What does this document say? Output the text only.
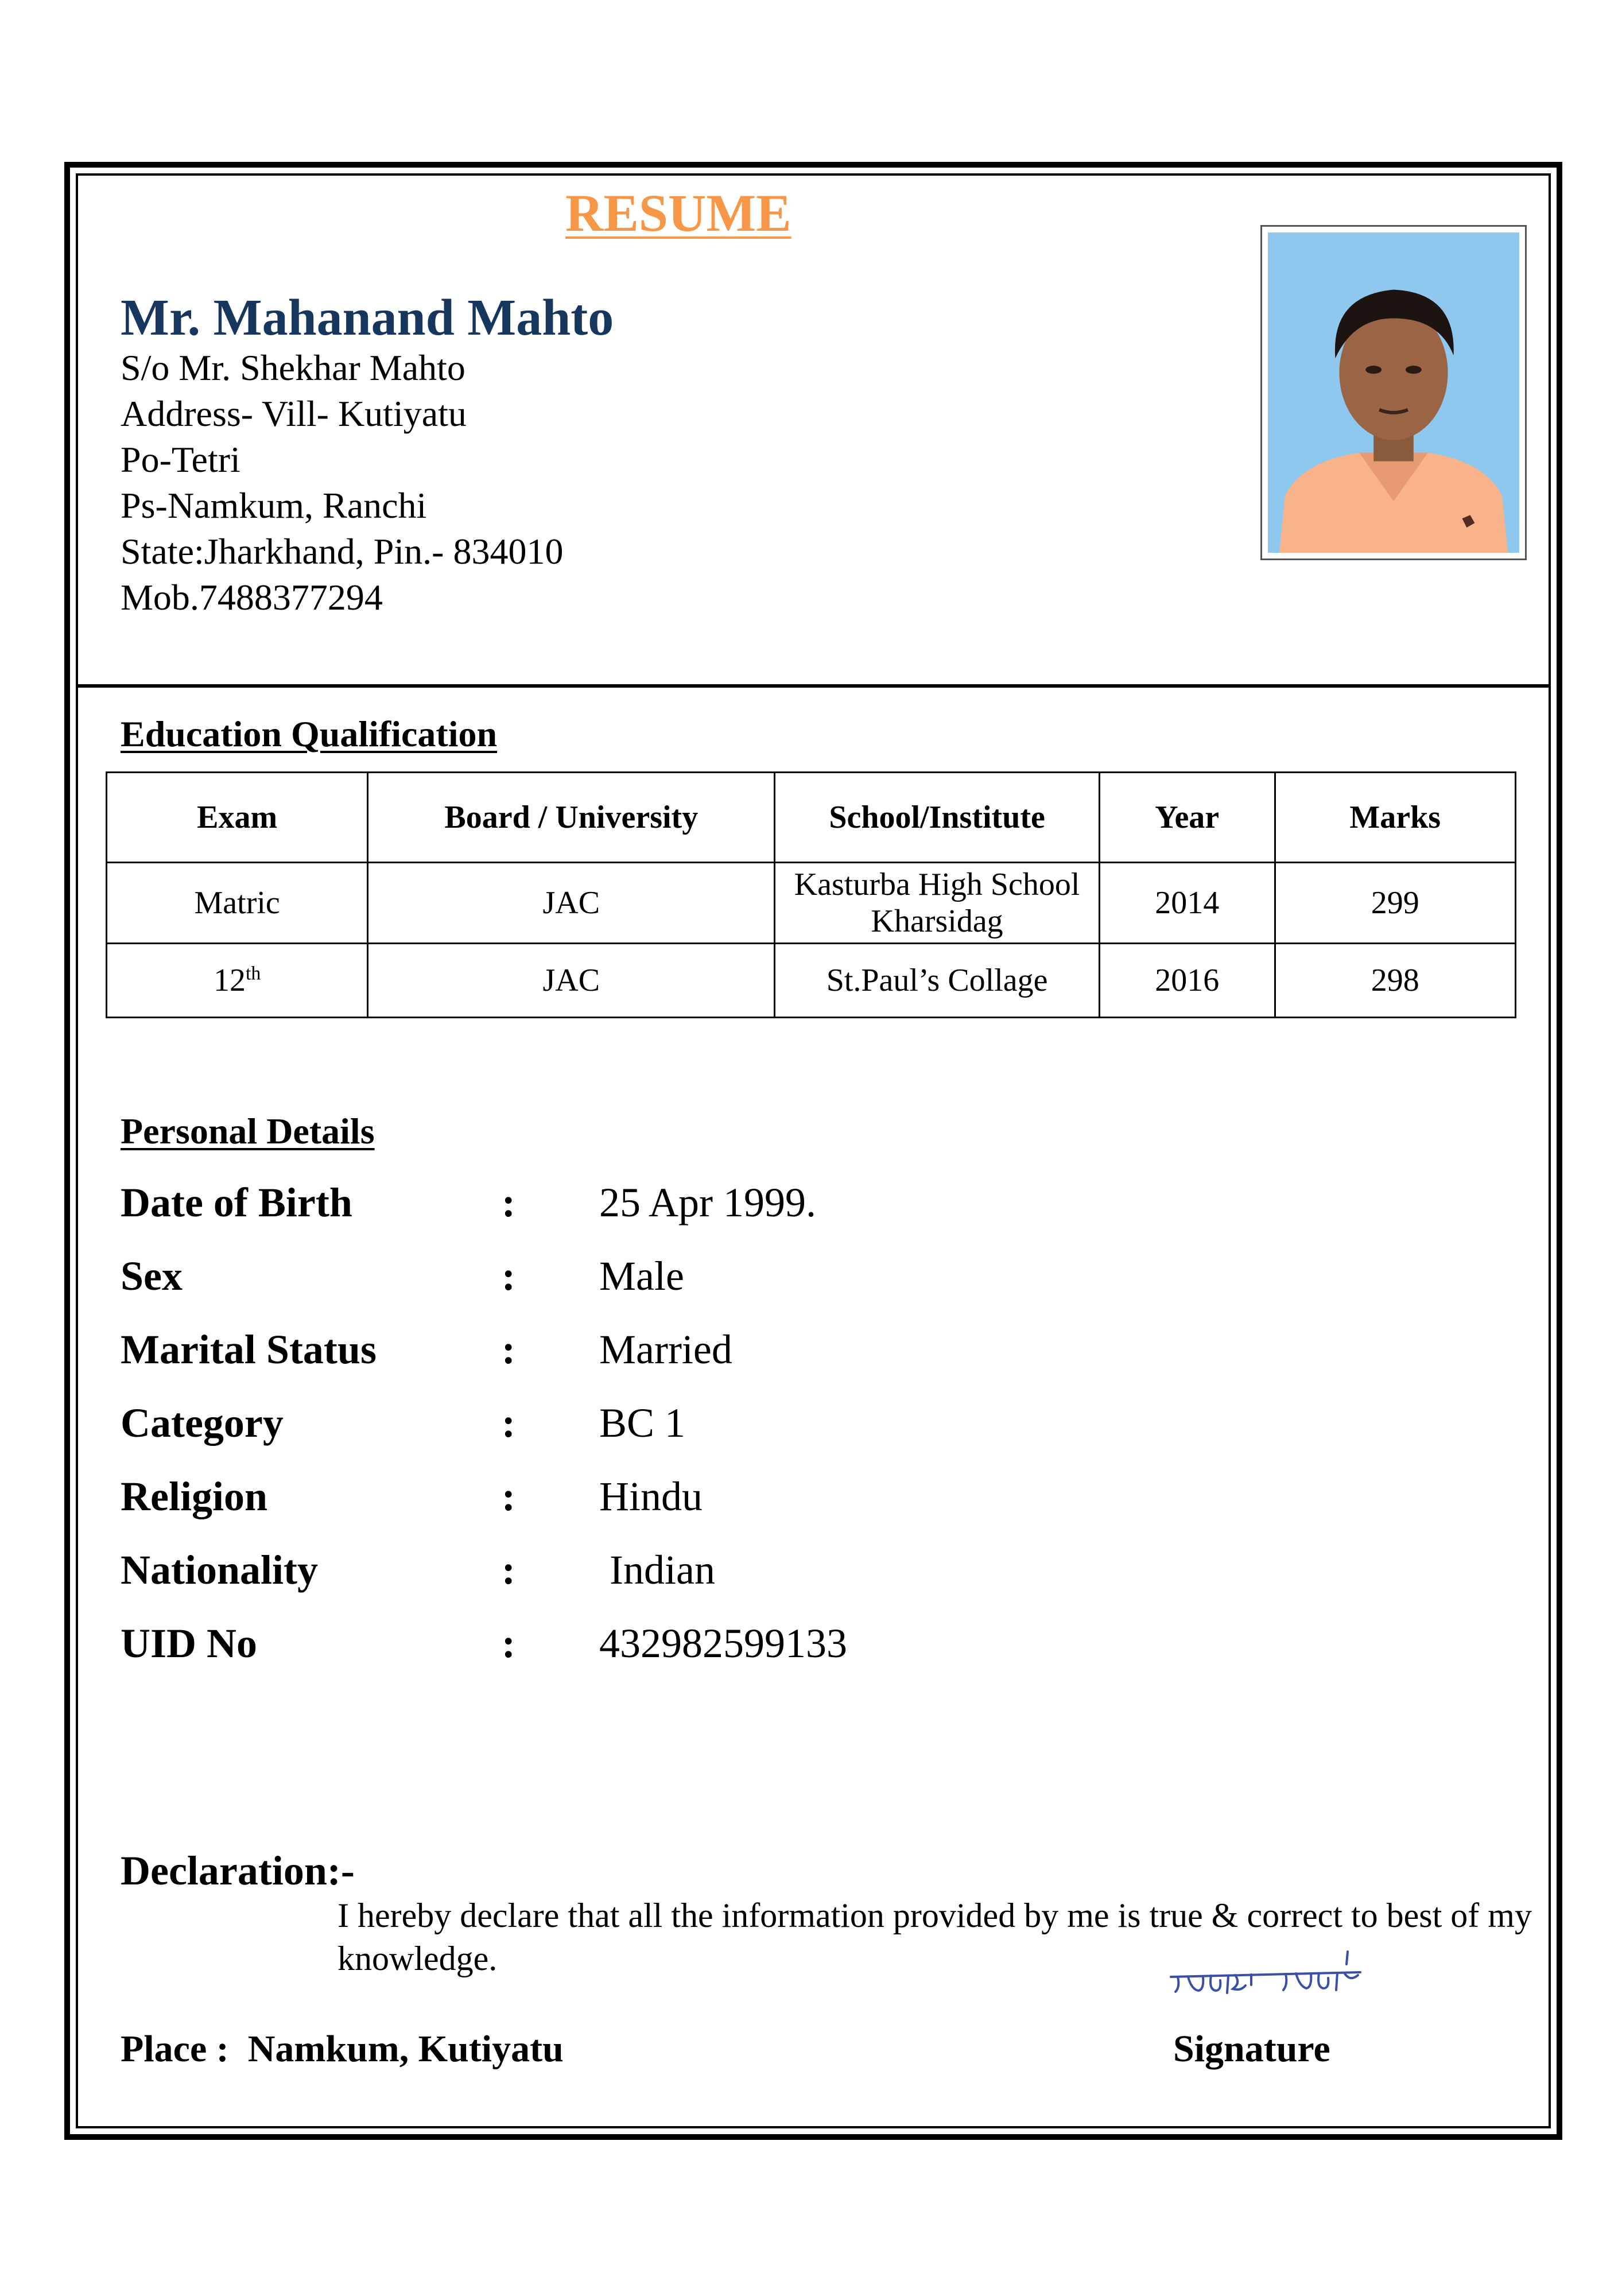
RESUME
Mr. Mahanand Mahto
S/o Mr. Shekhar Mahto
Address- Vill- Kutiyatu
Po-Tetri
Ps-Namkum, Ranchi
State:Jharkhand, Pin.- 834010
Mob.7488377294
Education Qualification
Exam	Board / University	School/Institute	Year	Marks
Matric	JAC	Kasturba High School Kharsidag	2014	299
12th	JAC	St.Paul’s Collage	2016	298
Personal Details
Date of Birth	: 25 Apr 1999.
Sex	: Male
Marital Status	: Married
Category	: BC 1
Religion	: Hindu
Nationality	: Indian
UID No	: 432982599133
Declaration:-
I hereby declare that all the information provided by me is true & correct to best of my knowledge.
Place :  Namkum, Kutiyatu	Signature
